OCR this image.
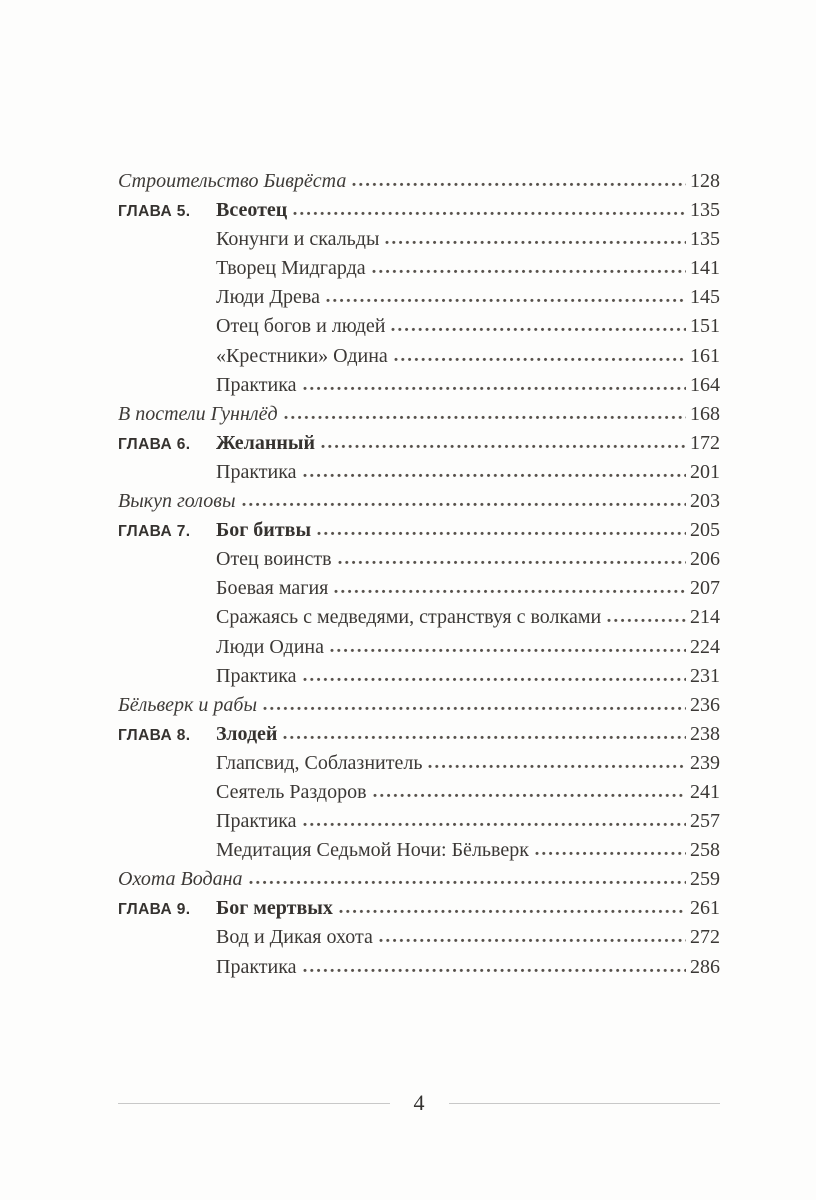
Строительство Биврёста	128
ГЛАВА 5.	Всеотец	135
Конунги и скальды	135
Творец Мидгарда	141
Люди Древа	145
Отец богов и людей	151
«Крестники» Одина	161
Практика	164
В постели Гуннлёд	168
ГЛАВА 6.	Желанный	172
Практика	201
Выкуп головы	203
ГЛАВА 7.	Бог битвы	205
Отец воинств	206
Боевая магия	207
Сражаясь с медведями, странствуя с волками	214
Люди Одина	224
Практика	231
Бёльверк и рабы	236
ГЛАВА 8.	Злодей	238
Глапсвид, Соблазнитель	239
Сеятель Раздоров	241
Практика	257
Медитация Седьмой Ночи: Бёльверк	258
Охота Водана	259
ГЛАВА 9.	Бог мертвых	261
Вод и Дикая охота	272
Практика	286
4
